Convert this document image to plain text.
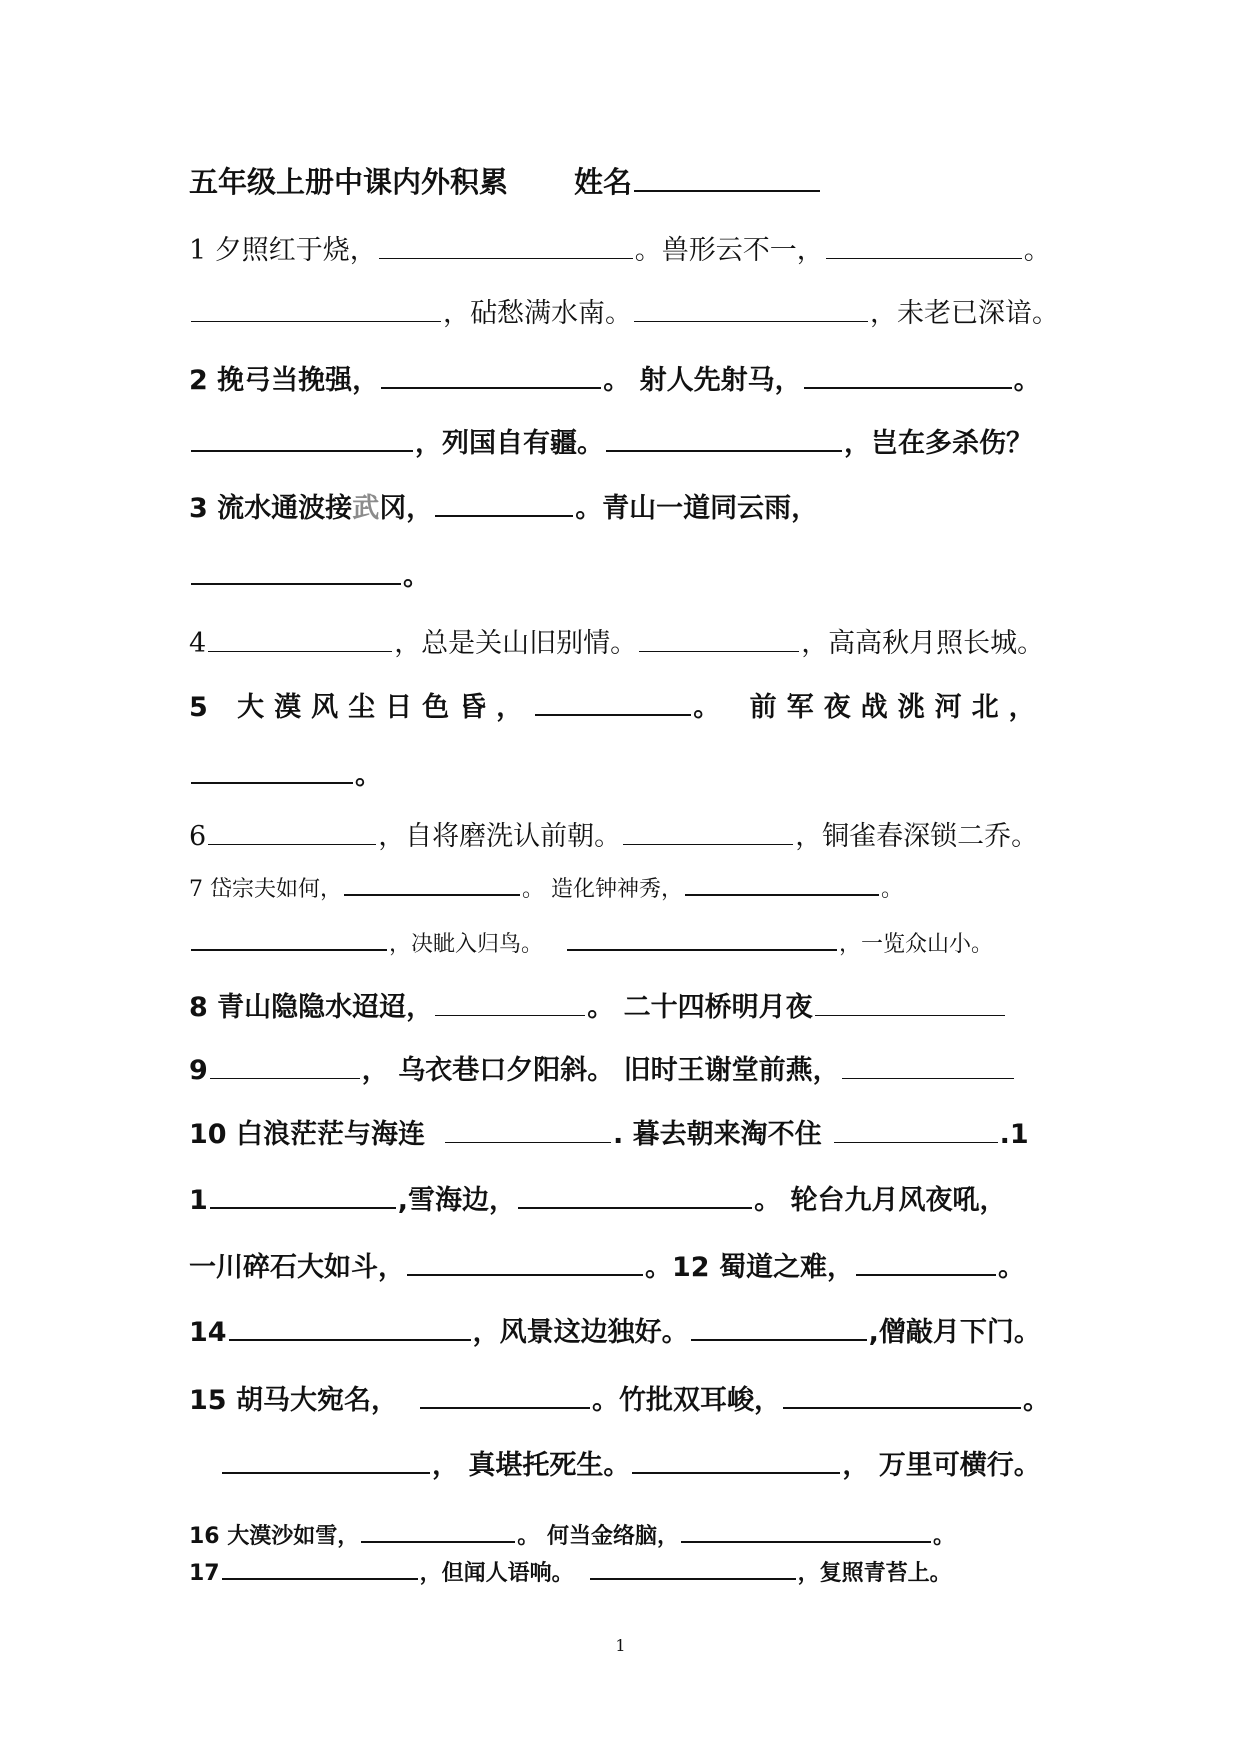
五年级上册中课内外积累 姓名
1 夕照红于烧，	。兽形云不一，	。
，砧愁满水南。	，未老已深谙。
2 挽弓当挽强，	。 射人先射马，	。
，列国自有疆。	，岂在多杀伤？
3 流水通波接武冈，	。青山一道同云雨，
。
4	，总是关山旧别情。	，高高秋月照长城。
5 大漠风尘日色昏，	。 前军夜战洮河北，
。
6	，自将磨洗认前朝。	，铜雀春深锁二乔。
7 岱宗夫如何，	。 造化钟神秀，	。
，决眦入归鸟。	，一览众山小。
8 青山隐隐水迢迢，	。 二十四桥明月夜
9	， 乌衣巷口夕阳斜。 旧时王谢堂前燕，
10 白浪茫茫与海连	. 暮去朝来淘不住	.1
1	,雪海边，	。 轮台九月风夜吼，
一川碎石大如斗，	。12 蜀道之难，	。
14	，风景这边独好。	,僧敲月下门。
15 胡马大宛名，	。竹批双耳峻，	。
， 真堪托死生。	， 万里可横行。
16 大漠沙如雪，	。 何当金络脑，	。
17	，但闻人语响。	，复照青苔上。
1
